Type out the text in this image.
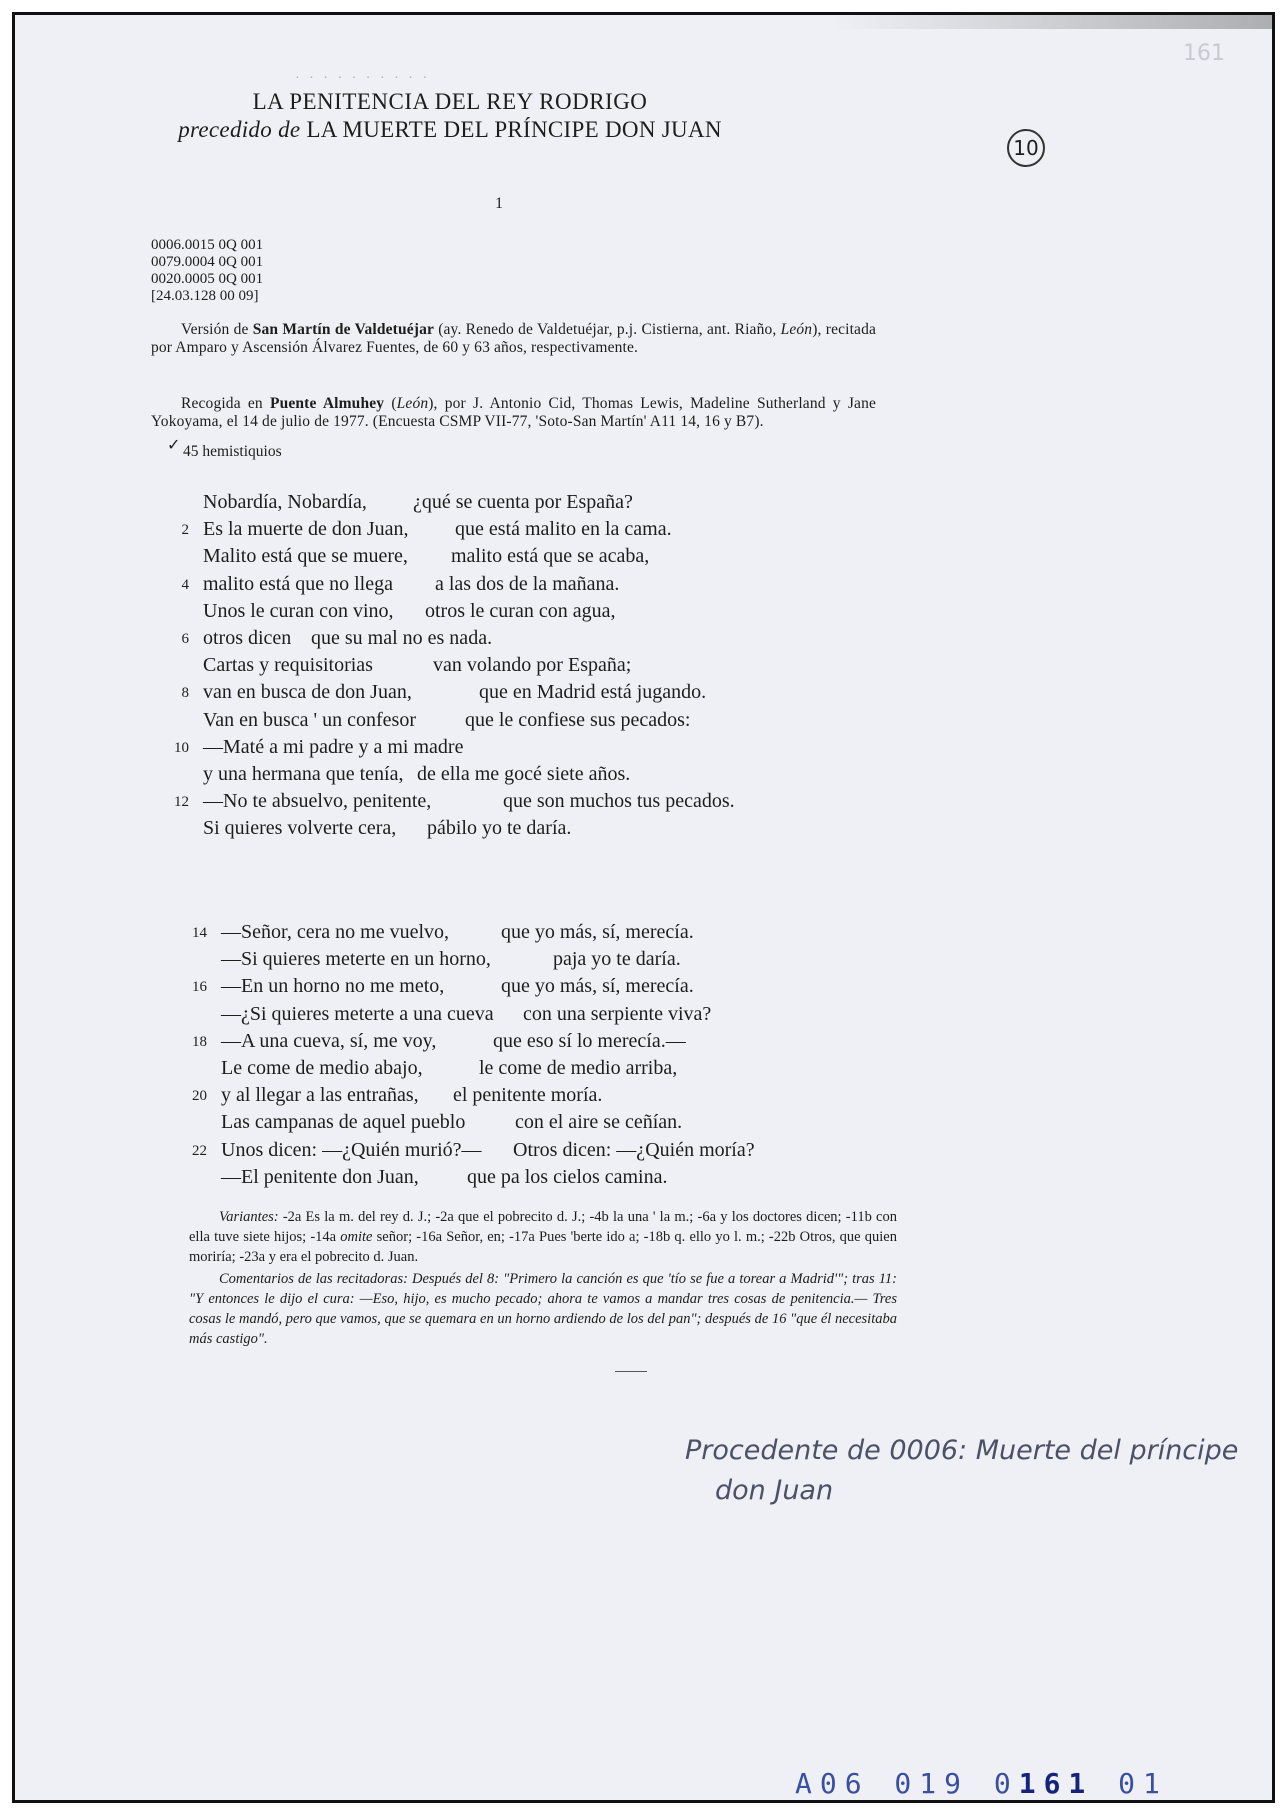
161
· · · · · · · · · ·
LA PENITENCIA DEL REY RODRIGO
precedido de LA MUERTE DEL PRÍNCIPE DON JUAN
10
1
0006.0015 0Q 001
0079.0004 0Q 001
0020.0005 0Q 001
[24.03.128 00 09]
Versión de San Martín de Valdetuéjar (ay. Renedo de Valdetuéjar, p.j. Cistierna, ant. Riaño, León), recitada por Amparo y Ascensión Álvarez Fuentes, de 60 y 63 años, respectivamente.
Recogida en Puente Almuhey (León), por J. Antonio Cid, Thomas Lewis, Madeline Sutherland y Jane Yokoyama, el 14 de julio de 1977. (Encuesta CSMP VII-77, 'Soto-San Martín' A11 14, 16 y B7).
✓ 45 hemistiquios
Nobardía, Nobardía, ¿qué se cuenta por España?
2 Es la muerte de don Juan, que está malito en la cama.
Malito está que se muere, malito está que se acaba,
4 malito está que no llega a las dos de la mañana.
Unos le curan con vino, otros le curan con agua,
6 otros dicen que su mal no es nada.
Cartas y requisitorias	van volando por España;
8 van en busca de don Juan,	que en Madrid está jugando.
Van en busca ' un confesor que le confiese sus pecados:
10 —Maté a mi padre y a mi madre
y una hermana que tenía, de ella me gocé siete años.
12 —No te absuelvo, penitente,	que son muchos tus pecados.
Si quieres volverte cera, pábilo yo te daría.
14 —Señor, cera no me vuelvo,	que yo más, sí, merecía.
—Si quieres meterte en un horno,	paja yo te daría.
16 —En un horno no me meto,	que yo más, sí, merecía.
—¿Si quieres meterte a una cueva con una serpiente viva?
18 —A una cueva, sí, me voy,	que eso sí lo merecía.—
Le come de medio abajo,	le come de medio arriba,
20 y al llegar a las entrañas, el penitente moría.
Las campanas de aquel pueblo con el aire se ceñían.
22 Unos dicen: —¿Quién murió?— Otros dicen: —¿Quién moría?
—El penitente don Juan, que pa los cielos camina.
Variantes: -2a Es la m. del rey d. J.; -2a que el pobrecito d. J.; -4b la una ' la m.; -6a y los doctores dicen; -11b con ella tuve siete hijos; -14a omite señor; -16a Señor, en; -17a Pues 'berte ido a; -18b q. ello yo l. m.; -22b Otros, que quien moriría; -23a y era el pobrecito d. Juan.
Comentarios de las recitadoras: Después del 8: "Primero la canción es que 'tío se fue a torear a Madrid'"; tras 11: "Y entonces le dijo el cura: —Eso, hijo, es mucho pecado; ahora te vamos a mandar tres cosas de penitencia.— Tres cosas le mandó, pero que vamos, que se quemara en un horno ardiendo de los del pan"; después de 16 "que él necesitaba más castigo".
Procedente de 0006: Muerte del príncipe
don Juan
A06 019 0161 01
